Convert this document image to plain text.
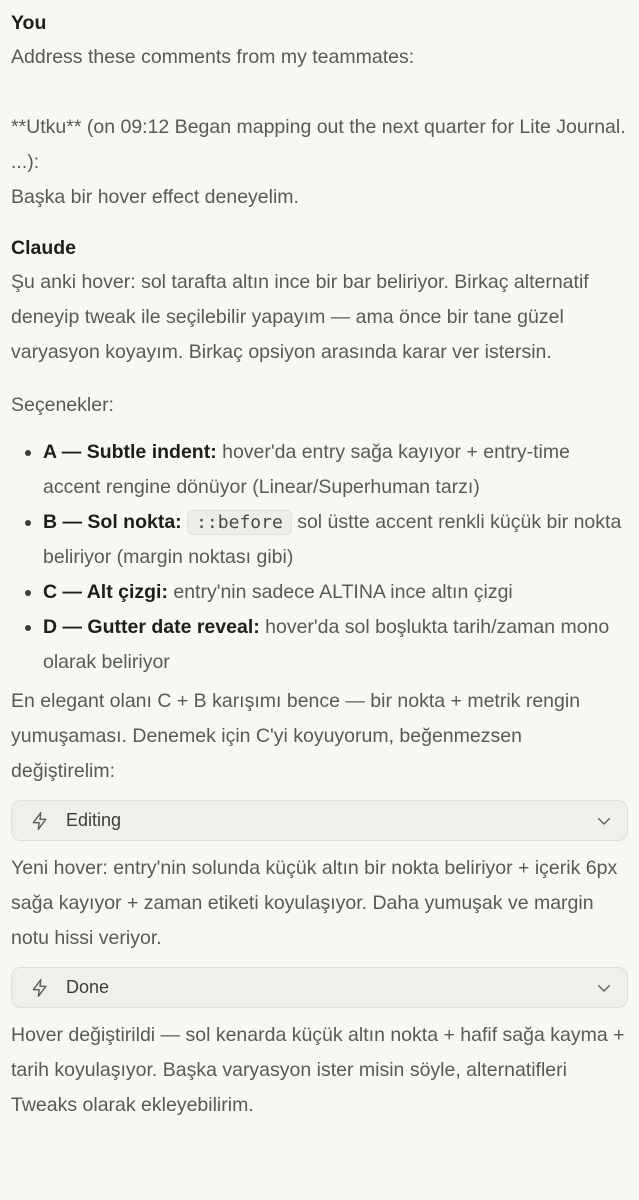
You

Address these comments from my teammates:

**Utku** (on 09:12 Began mapping out the next quarter for Lite Journal. ...):

Başka bir hover effect deneyelim.

Claude

Şu anki hover: sol tarafta altın ince bir bar beliriyor. Birkaç alternatif deneyip tweak ile seçilebilir yapayım — ama önce bir tane güzel varyasyon koyayım. Birkaç opsiyon arasında karar ver istersin.

Seçenekler:

A — Subtle indent: hover'da entry sağa kayıyor + entry-time accent rengine dönüyor (Linear/Superhuman tarzı)
B — Sol nokta: ::before sol üstte accent renkli küçük bir nokta beliriyor (margin noktası gibi)
C — Alt çizgi: entry'nin sadece ALTINA ince altın çizgi
D — Gutter date reveal: hover'da sol boşlukta tarih/zaman mono olarak beliriyor

En elegant olanı C + B karışımı bence — bir nokta + metrik rengin yumuşaması. Denemek için C'yi koyuyorum, beğenmezsen değiştirelim:

Editing

Yeni hover: entry'nin solunda küçük altın bir nokta beliriyor + içerik 6px sağa kayıyor + zaman etiketi koyulaşıyor. Daha yumuşak ve margin notu hissi veriyor.

Done

Hover değiştirildi — sol kenarda küçük altın nokta + hafif sağa kayma + tarih koyulaşıyor. Başka varyasyon ister misin söyle, alternatifleri Tweaks olarak ekleyebilirim.
